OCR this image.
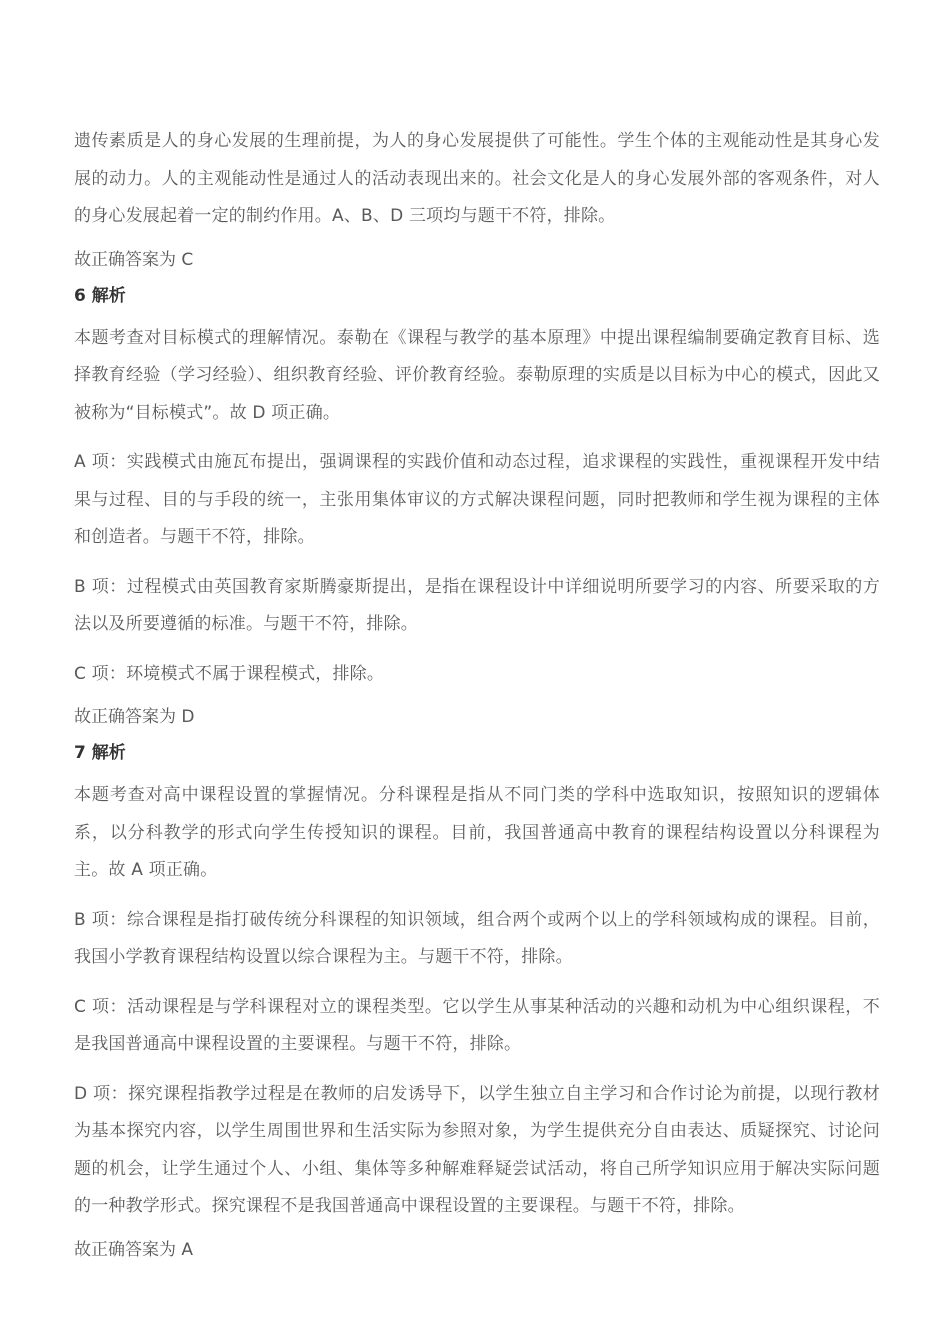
遗传素质是人的身心发展的生理前提，为人的身心发展提供了可能性。学生个体的主观能动性是其身心发展的动力。人的主观能动性是通过人的活动表现出来的。社会文化是人的身心发展外部的客观条件，对人的身心发展起着一定的制约作用。A、B、D 三项均与题干不符，排除。

故正确答案为 C

6 解析

本题考查对目标模式的理解情况。泰勒在《课程与教学的基本原理》中提出课程编制要确定教育目标、选择教育经验（学习经验）、组织教育经验、评价教育经验。泰勒原理的实质是以目标为中心的模式，因此又被称为“目标模式”。故 D 项正确。

A 项：实践模式由施瓦布提出，强调课程的实践价值和动态过程，追求课程的实践性，重视课程开发中结果与过程、目的与手段的统一，主张用集体审议的方式解决课程问题，同时把教师和学生视为课程的主体和创造者。与题干不符，排除。

B 项：过程模式由英国教育家斯腾豪斯提出，是指在课程设计中详细说明所要学习的内容、所要采取的方法以及所要遵循的标准。与题干不符，排除。

C 项：环境模式不属于课程模式，排除。

故正确答案为 D

7 解析

本题考查对高中课程设置的掌握情况。分科课程是指从不同门类的学科中选取知识，按照知识的逻辑体系，以分科教学的形式向学生传授知识的课程。目前，我国普通高中教育的课程结构设置以分科课程为主。故 A 项正确。

B 项：综合课程是指打破传统分科课程的知识领域，组合两个或两个以上的学科领域构成的课程。目前，我国小学教育课程结构设置以综合课程为主。与题干不符，排除。

C 项：活动课程是与学科课程对立的课程类型。它以学生从事某种活动的兴趣和动机为中心组织课程，不是我国普通高中课程设置的主要课程。与题干不符，排除。

D 项：探究课程指教学过程是在教师的启发诱导下，以学生独立自主学习和合作讨论为前提，以现行教材为基本探究内容，以学生周围世界和生活实际为参照对象，为学生提供充分自由表达、质疑探究、讨论问题的机会，让学生通过个人、小组、集体等多种解难释疑尝试活动，将自己所学知识应用于解决实际问题的一种教学形式。探究课程不是我国普通高中课程设置的主要课程。与题干不符，排除。

故正确答案为 A
